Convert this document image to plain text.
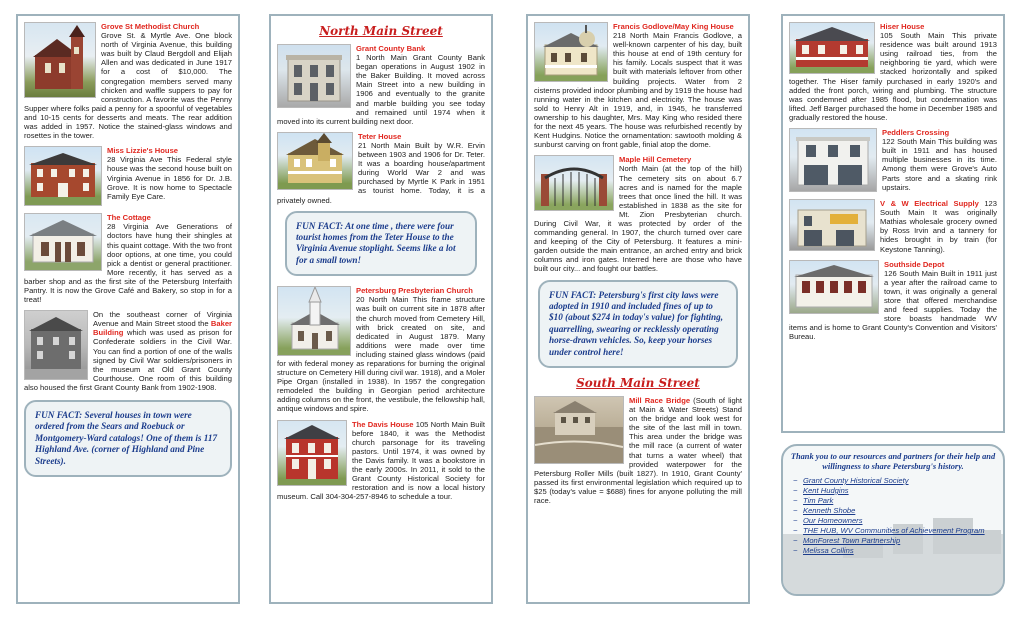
Grove St Methodist Church
Grove St. & Myrtle Ave. One block north of Virginia Avenue, this building was built by Claud Bergdoll and Elijah Allen and was dedicated in June 1917 for a cost of $10,000. The congregation members served many chicken and waffle suppers to pay for construction. A favorite was the Penny Supper where folks paid a penny for a spoonful of vegetables and 10-15 cents for desserts and meats. The rear addition was added in 1957. Notice the stained-glass windows and rosettes in the tower.

Miss Lizzie's House
28 Virginia Ave This Federal style house was the second house built on Virginia Avenue in 1856 for Dr. J.B. Grove. It is now home to Spectacle Family Eye Care.

The Cottage
28 Virginia Ave Generations of doctors have hung their shingles at this quaint cottage. With the two front door options, at one time, you could pick a dentist or general practitioner. More recently, it has served as a barber shop and as the first site of the Petersburg Interfaith Pantry. It is now the Grove Café and Bakery, so stop in for a treat!

On the southeast corner of Virginia Avenue and Main Street stood the Baker Building which was used as prison for Confederate soldiers in the Civil War. You can find a portion of one of the walls signed by Civil War soldiers/prisoners in the museum at Old Grant County Courthouse. One room of this building also housed the first Grant County Bank from 1902-1908.

FUN FACT: Several houses in town were ordered from the Sears and Roebuck or Montgomery-Ward catalogs! One of them is 117 Highland Ave. (corner of Highland and Pine Streets).
North Main Street

Grant County Bank
1 North Main Grant County Bank began operations in August 1902 in the Baker Building. It moved across Main Street into a new building in 1906 and eventually to the granite and marble building you see today and remained until 1974 when it moved into its current building next door.

Teter House
21 North Main Built by W.R. Ervin between 1903 and 1906 for Dr. Teter. It was a boarding house/apartment during World War 2 and was purchased by Myrtle K Park in 1951 as tourist home. Today, it is a privately owned.

FUN FACT: At one time , there were four tourist homes from the Teter House to the Virginia Avenue stoplight. Seems like a lot for a small town!

Petersburg Presbyterian Church
20 North Main This frame structure was built on current site in 1878 after the church moved from Cemetery Hill, with brick created on site, and dedicated in August 1879. Many additions were made over time including stained glass windows (paid for with federal money as reparations for burning the original structure on Cemetery Hill during civil war. 1918), and a Moler Pipe Organ (installed in 1938). In 1957 the congregation remodeled the building in Georgian period architecture adding columns on the front, the vestibule, the fellowship hall, antique windows and spire.

The Davis House 105 North Main Built before 1840, it was the Methodist church parsonage for its traveling pastors. Until 1974, it was owned by the Davis family. It was a bookstore in the early 2000s. In 2011, it sold to the Grant County Historical Society for restoration and is now a local history museum. Call 304-304-257-8946 to schedule a tour.

Francis Godlove/May King House
218 North Main Francis Godlove, a well-known carpenter of his day, built this house at end of 19th century for his family. Locals suspect that it was built with materials leftover from other building projects. Water from 2 cisterns provided indoor plumbing and by 1919 the house had running water in the kitchen and electricity. The house was sold to Henry Alt in 1919, and, in 1945, he transferred ownership to his daughter, Mrs. May King who resided there for the next 45 years. The house was refurbished recently by Kent Hudgins. Notice the ornamentation: sawtooth molding & sunburst carving on front gable, finial atop the dome.

Maple Hill Cemetery
North Main (at the top of the hill) The cemetery sits on about 6.7 acres and is named for the maple trees that once lined the hill. It was established in 1838 as the site for Mt. Zion Presbyterian church. During Civil War, it was protected by order of the commanding general. In 1907, the church turned over care and keeping of the City of Petersburg. It features a mini-garden outside the main entrance, an arched entry and brick columns and iron gates. Interred here are those who have built our city... and fought our battles.

FUN FACT: Petersburg's first city laws were adopted in 1910 and included fines of up to $10 (about $274 in today's value) for fighting, quarrelling, swearing or recklessly operating horse-drawn vehicles. So, keep your horses under control here!
South Main Street

Mill Race Bridge (South of light at Main & Water Streets) Stand on the bridge and look west for the site of the last mill in town. This area under the bridge was the mill race (a current of water that turns a water wheel) that provided waterpower for the Petersburg Roller Mills (built 1827). In 1910, Grant County' passed its first environmental legislation which required up to $25 (today's value = $688) fines for anyone polluting the mill race.

Hiser House
105 South Main This private residence was built around 1913 using railroad ties, from the neighboring tie yard, which were stacked horizontally and spiked together. The Hiser family purchased in early 1920's and added the front porch, wiring and plumbing. The structure was condemned after 1985 flood, but condemnation was lifted. Jeff Barger purchased the home in December 1985 and gradually restored the house.

Peddlers Crossing
122 South Main This building was built in 1911 and has housed multiple businesses in its time. Among them were Grove's Auto Parts store and a skating rink upstairs.

V & W Electrical Supply 123 South Main It was originally Mathias wholesale grocery owned by Ross Irvin and a tannery for hides brought in by train (for Keystone Tanning).

Southside Depot
126 South Main Built in 1911 just a year after the railroad came to town, it was originally a general store that offered merchandise and feed supplies. Today the store boasts handmade WV items and is home to Grant County's Convention and Visitors' Bureau.

Thank you to our resources and partners for their help and willingness to share Petersburg's history.
~ Grant County Historical Society
~ Kent Hudgins
~ Tim Park
~ Kenneth Shobe
~ Our Homeowners
~ THE HUB, WV Communities of Achievement Program
~ MonForest Town Partnership
~ Melissa Collins
